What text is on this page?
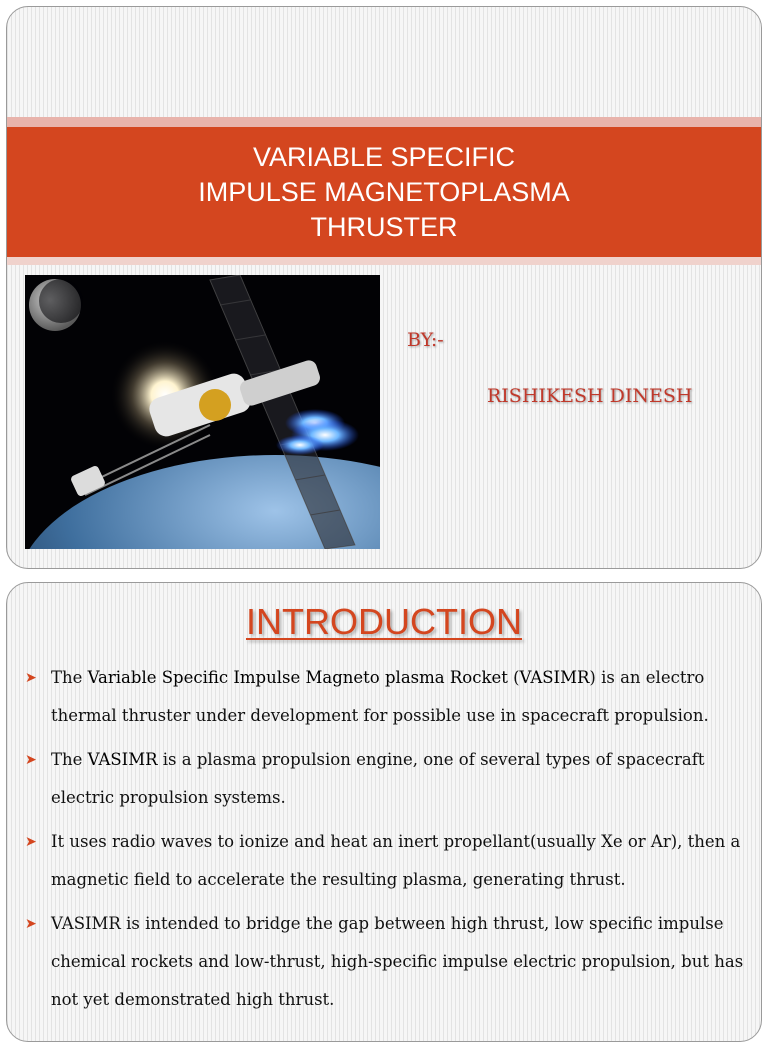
VARIABLE SPECIFIC
IMPULSE MAGNETOPLASMA
THRUSTER
BY:-
RISHIKESH DINESH
INTRODUCTION
➤ The Variable Specific Impulse Magneto plasma Rocket (VASIMR) is an electro thermal thruster under development for possible use in spacecraft propulsion.
➤ The VASIMR is a plasma propulsion engine, one of several types of spacecraft electric propulsion systems.
➤ It uses radio waves to ionize and heat an inert propellant(usually Xe or Ar), then a magnetic field to accelerate the resulting plasma, generating thrust.
➤ VASIMR is intended to bridge the gap between high thrust, low specific impulse chemical rockets and low-thrust, high-specific impulse electric propulsion, but has not yet demonstrated high thrust.
